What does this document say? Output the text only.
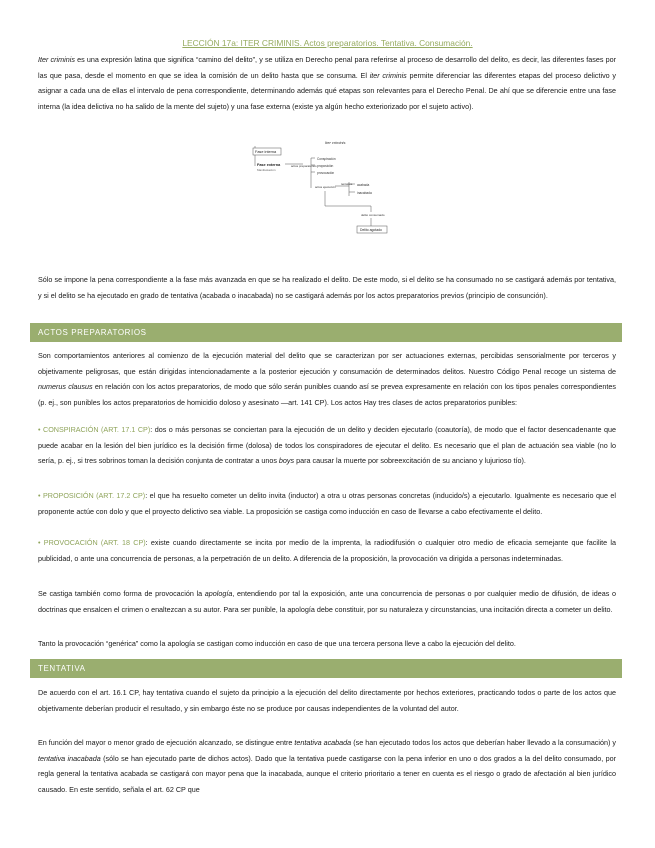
LECCIÓN 17a: ITER CRIMINIS. Actos preparatorios. Tentativa. Consumación.

Iter criminis es una expresión latina que significa “camino del delito”, y se utiliza en Derecho penal para referirse al proceso de desarrollo del delito, es decir, las diferentes fases por las que pasa, desde el momento en que se idea la comisión de un delito hasta que se consuma. El iter criminis permite diferenciar las diferentes etapas del proceso delictivo y asignar a cada una de ellas el intervalo de pena correspondiente, determinando además qué etapas son relevantes para el Derecho Penal. De ahí que se diferencie entre una fase interna (la idea delictiva no ha salido de la mente del sujeto) y una fase externa (existe ya algún hecho exteriorizado por el sujeto activo).

Iter criminis
Fase interna
Fase externa
Manifestación
actos preparatorios
Conspiración
proposición
provocación
actos ejecución
tentativa acabada
inacabada
delito consumado
Delito agotado

Sólo se impone la pena correspondiente a la fase más avanzada en que se ha realizado el delito. De este modo, si el delito se ha consumado no se castigará además por tentativa, y si el delito se ha ejecutado en grado de tentativa (acabada o inacabada) no se castigará además por los actos preparatorios previos (principio de consunción).

ACTOS PREPARATORIOS

Son comportamientos anteriores al comienzo de la ejecución material del delito que se caracterizan por ser actuaciones externas, percibidas sensorialmente por terceros y objetivamente peligrosas, que están dirigidas intencionadamente a la posterior ejecución y consumación de determinados delitos. Nuestro Código Penal recoge un sistema de numerus clausus en relación con los actos preparatorios, de modo que sólo serán punibles cuando así se prevea expresamente en relación con los tipos penales correspondientes (p. ej., son punibles los actos preparatorios de homicidio doloso y asesinato —art. 141 CP). Los actos Hay tres clases de actos preparatorios punibles:

• CONSPIRACIÓN (ART. 17.1 CP): dos o más personas se conciertan para la ejecución de un delito y deciden ejecutarlo (coautoría), de modo que el factor desencadenante que puede acabar en la lesión del bien jurídico es la decisión firme (dolosa) de todos los conspiradores de ejecutar el delito. Es necesario que el plan de actuación sea viable (no lo sería, p. ej., si tres sobrinos toman la decisión conjunta de contratar a unos boys para causar la muerte por sobreexcitación de su anciano y lujurioso tío).

• PROPOSICIÓN (ART. 17.2 CP): el que ha resuelto cometer un delito invita (inductor) a otra u otras personas concretas (inducido/s) a ejecutarlo. Igualmente es necesario que el proponente actúe con dolo y que el proyecto delictivo sea viable. La proposición se castiga como inducción en caso de llevarse a cabo efectivamente el delito.

• PROVOCACIÓN (ART. 18 CP): existe cuando directamente se incita por medio de la imprenta, la radiodifusión o cualquier otro medio de eficacia semejante que facilite la publicidad, o ante una concurrencia de personas, a la perpetración de un delito. A diferencia de la proposición, la provocación va dirigida a personas indeterminadas.

Se castiga también como forma de provocación la apología, entendiendo por tal la exposición, ante una concurrencia de personas o por cualquier medio de difusión, de ideas o doctrinas que ensalcen el crimen o enaltezcan a su autor. Para ser punible, la apología debe constituir, por su naturaleza y circunstancias, una incitación directa a cometer un delito.

Tanto la provocación “genérica” como la apología se castigan como inducción en caso de que una tercera persona lleve a cabo la ejecución del delito.

TENTATIVA

De acuerdo con el art. 16.1 CP, hay tentativa cuando el sujeto da principio a la ejecución del delito directamente por hechos exteriores, practicando todos o parte de los actos que objetivamente deberían producir el resultado, y sin embargo éste no se produce por causas independientes de la voluntad del autor.

En función del mayor o menor grado de ejecución alcanzado, se distingue entre tentativa acabada (se han ejecutado todos los actos que deberían haber llevado a la consumación) y tentativa inacabada (sólo se han ejecutado parte de dichos actos). Dado que la tentativa puede castigarse con la pena inferior en uno o dos grados a la del delito consumado, por regla general la tentativa acabada se castigará con mayor pena que la inacabada, aunque el criterio prioritario a tener en cuenta es el riesgo o grado de afectación al bien jurídico causado. En este sentido, señala el art. 62 CP que
